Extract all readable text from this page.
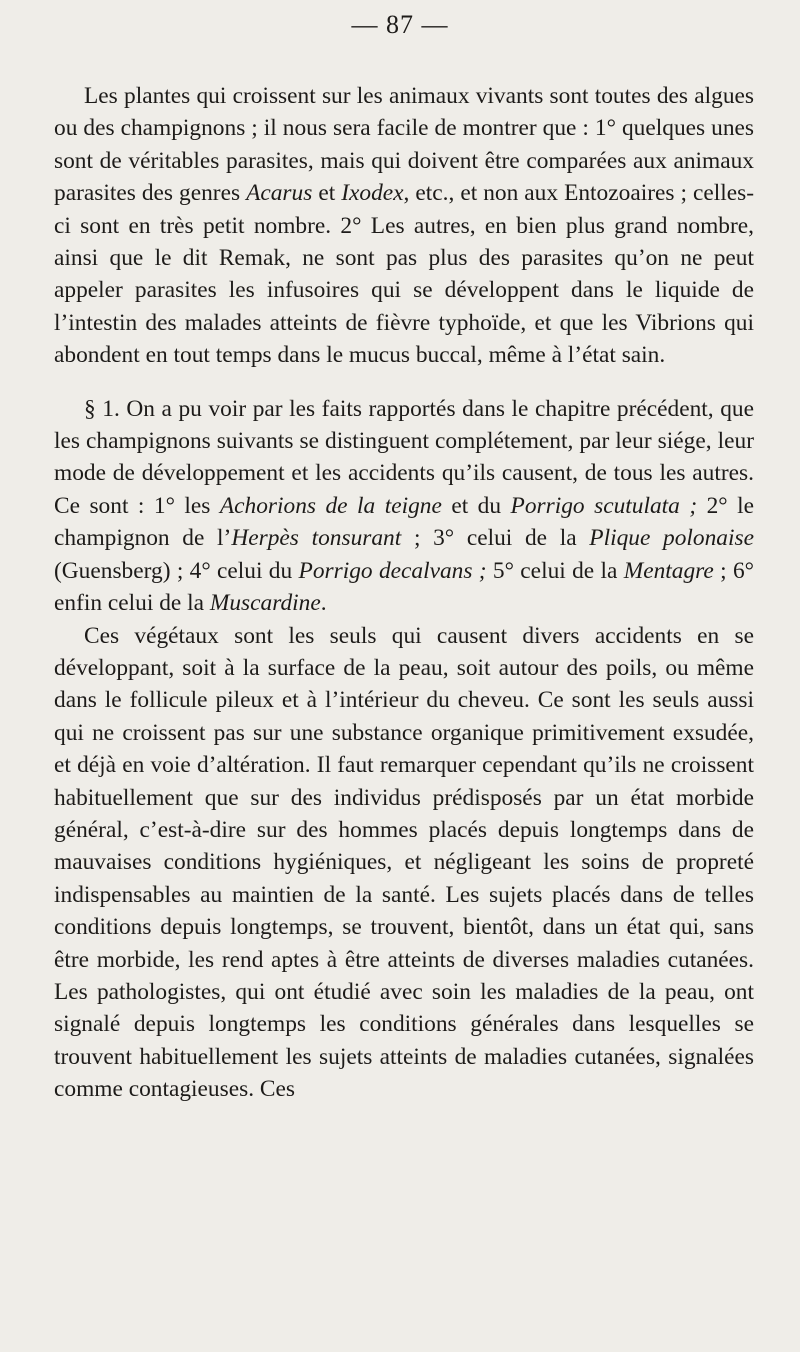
— 87 —

Les plantes qui croissent sur les animaux vivants sont toutes des algues ou des champignons ; il nous sera facile de montrer que : 1° quelques unes sont de véritables parasites, mais qui doivent être comparées aux animaux parasites des genres Acarus et Ixodex, etc., et non aux Entozoaires ; celles-ci sont en très petit nombre. 2° Les autres, en bien plus grand nombre, ainsi que le dit Remak, ne sont pas plus des parasites qu’on ne peut appeler parasites les infusoires qui se développent dans le liquide de l’intestin des malades atteints de fièvre typhoïde, et que les Vibrions qui abondent en tout temps dans le mucus buccal, même à l’état sain.

§ 1. On a pu voir par les faits rapportés dans le chapitre précédent, que les champignons suivants se distinguent complétement, par leur siége, leur mode de développement et les accidents qu’ils causent, de tous les autres. Ce sont : 1° les Achorions de la teigne et du Porrigo scutulata ; 2° le champignon de l’Herpès tonsurant ; 3° celui de la Plique polonaise (Guensberg) ; 4° celui du Porrigo decalvans ; 5° celui de la Mentagre ; 6° enfin celui de la Muscardine.

Ces végétaux sont les seuls qui causent divers accidents en se développant, soit à la surface de la peau, soit autour des poils, ou même dans le follicule pileux et à l’intérieur du cheveu. Ce sont les seuls aussi qui ne croissent pas sur une substance organique primitivement exsudée, et déjà en voie d’altération. Il faut remarquer cependant qu’ils ne croissent habituellement que sur des individus prédisposés par un état morbide général, c’est-à-dire sur des hommes placés depuis longtemps dans de mauvaises conditions hygiéniques, et négligeant les soins de propreté indispensables au maintien de la santé. Les sujets placés dans de telles conditions depuis longtemps, se trouvent, bientôt, dans un état qui, sans être morbide, les rend aptes à être atteints de diverses maladies cutanées. Les pathologistes, qui ont étudié avec soin les maladies de la peau, ont signalé depuis longtemps les conditions générales dans lesquelles se trouvent habituellement les sujets atteints de maladies cutanées, signalées comme contagieuses. Ces
